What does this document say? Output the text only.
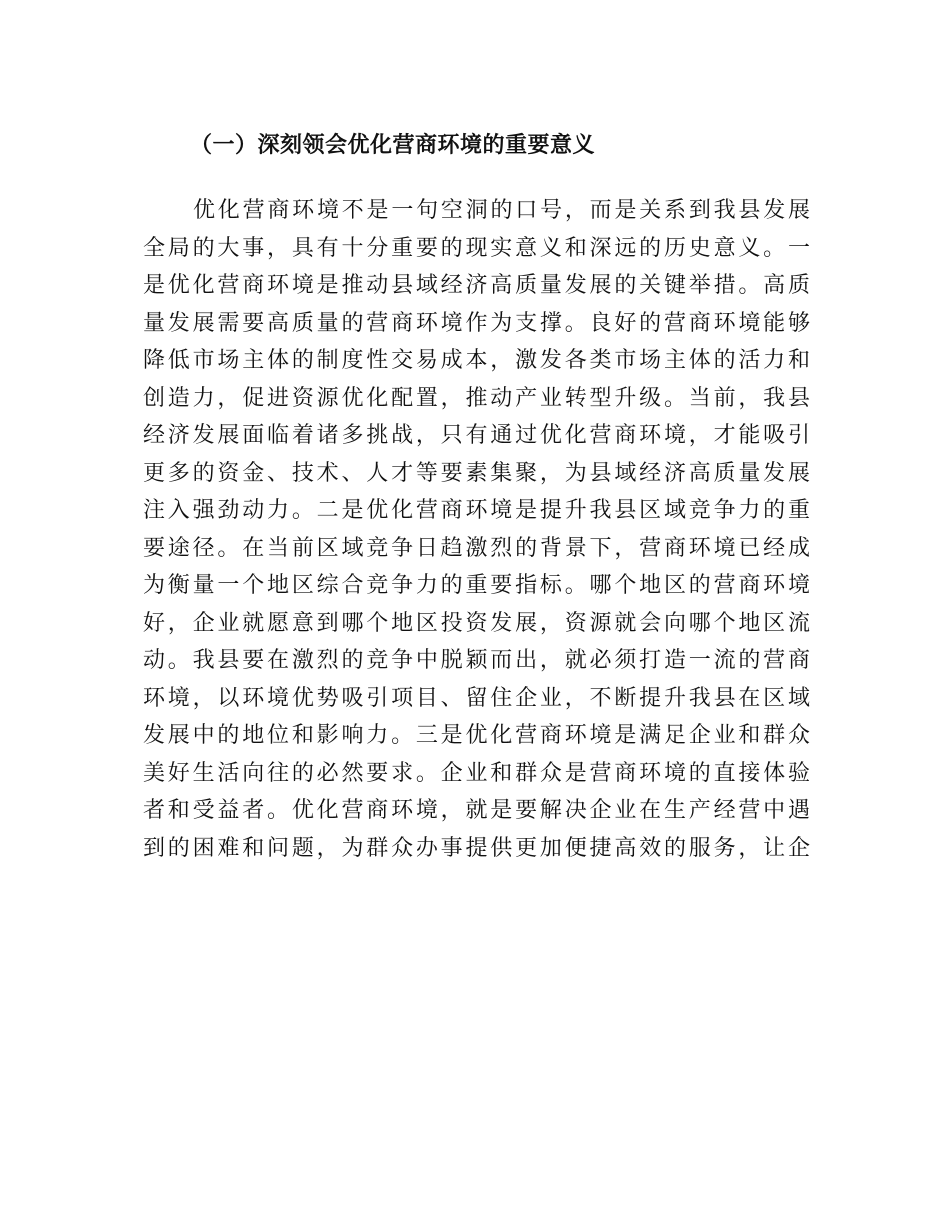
（一）深刻领会优化营商环境的重要意义
优化营商环境不是一句空洞的口号，而是关系到我县发展
全局的大事，具有十分重要的现实意义和深远的历史意义。一
是优化营商环境是推动县域经济高质量发展的关键举措。高质
量发展需要高质量的营商环境作为支撑。良好的营商环境能够
降低市场主体的制度性交易成本，激发各类市场主体的活力和
创造力，促进资源优化配置，推动产业转型升级。当前，我县
经济发展面临着诸多挑战，只有通过优化营商环境，才能吸引
更多的资金、技术、人才等要素集聚，为县域经济高质量发展
注入强劲动力。二是优化营商环境是提升我县区域竞争力的重
要途径。在当前区域竞争日趋激烈的背景下，营商环境已经成
为衡量一个地区综合竞争力的重要指标。哪个地区的营商环境
好，企业就愿意到哪个地区投资发展，资源就会向哪个地区流
动。我县要在激烈的竞争中脱颖而出，就必须打造一流的营商
环境，以环境优势吸引项目、留住企业，不断提升我县在区域
发展中的地位和影响力。三是优化营商环境是满足企业和群众
美好生活向往的必然要求。企业和群众是营商环境的直接体验
者和受益者。优化营商环境，就是要解决企业在生产经营中遇
到的困难和问题，为群众办事提供更加便捷高效的服务，让企
